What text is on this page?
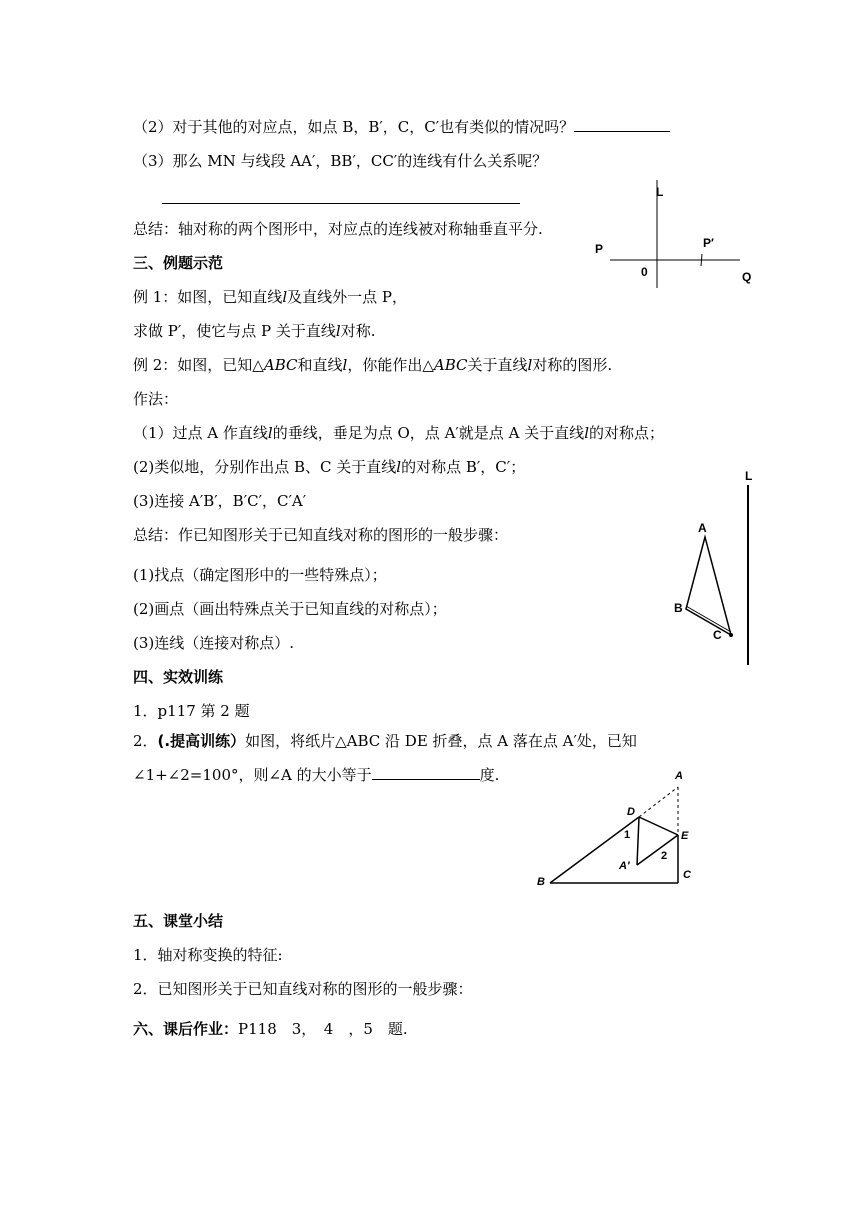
（2）对于其他的对应点，如点 B，B′，C，C′也有类似的情况吗？
（3）那么 MN 与线段 AA′，BB′，CC′的连线有什么关系呢？
总结：轴对称的两个图形中，对应点的连线被对称轴垂直平分.
L
P	P′
0	Q
三、例题示范
例 1：如图，已知直线l及直线外一点 P，
求做 P′，使它与点 P 关于直线l对称.
例 2：如图，已知△ABC和直线l，你能作出△ABC关于直线l对称的图形.
作法：
（1）过点 A 作直线l的垂线，垂足为点 O，点 A′就是点 A 关于直线l的对称点；
(2)类似地，分别作出点 B、C 关于直线l的对称点 B′，C′；
(3)连接 A′B′，B′C′，C′A′
总结：作已知图形关于已知直线对称的图形的一般步骤：
(1)找点（确定图形中的一些特殊点）；
(2)画点（画出特殊点关于已知直线的对称点）；
(3)连线（连接对称点）.
L
A
B
C
四、实效训练
1．p117 第 2 题
2．(.提高训练）如图，将纸片△ABC 沿 DE 折叠，点 A 落在点 A′处，已知
∠1+∠2=100°，则∠A 的大小等于	度.	A
D
E
A′
B
C
1
2
五、课堂小结
1．轴对称变换的特征:
2．已知图形关于已知直线对称的图形的一般步骤：
六、课后作业：P118　3，　4　，5　题.
